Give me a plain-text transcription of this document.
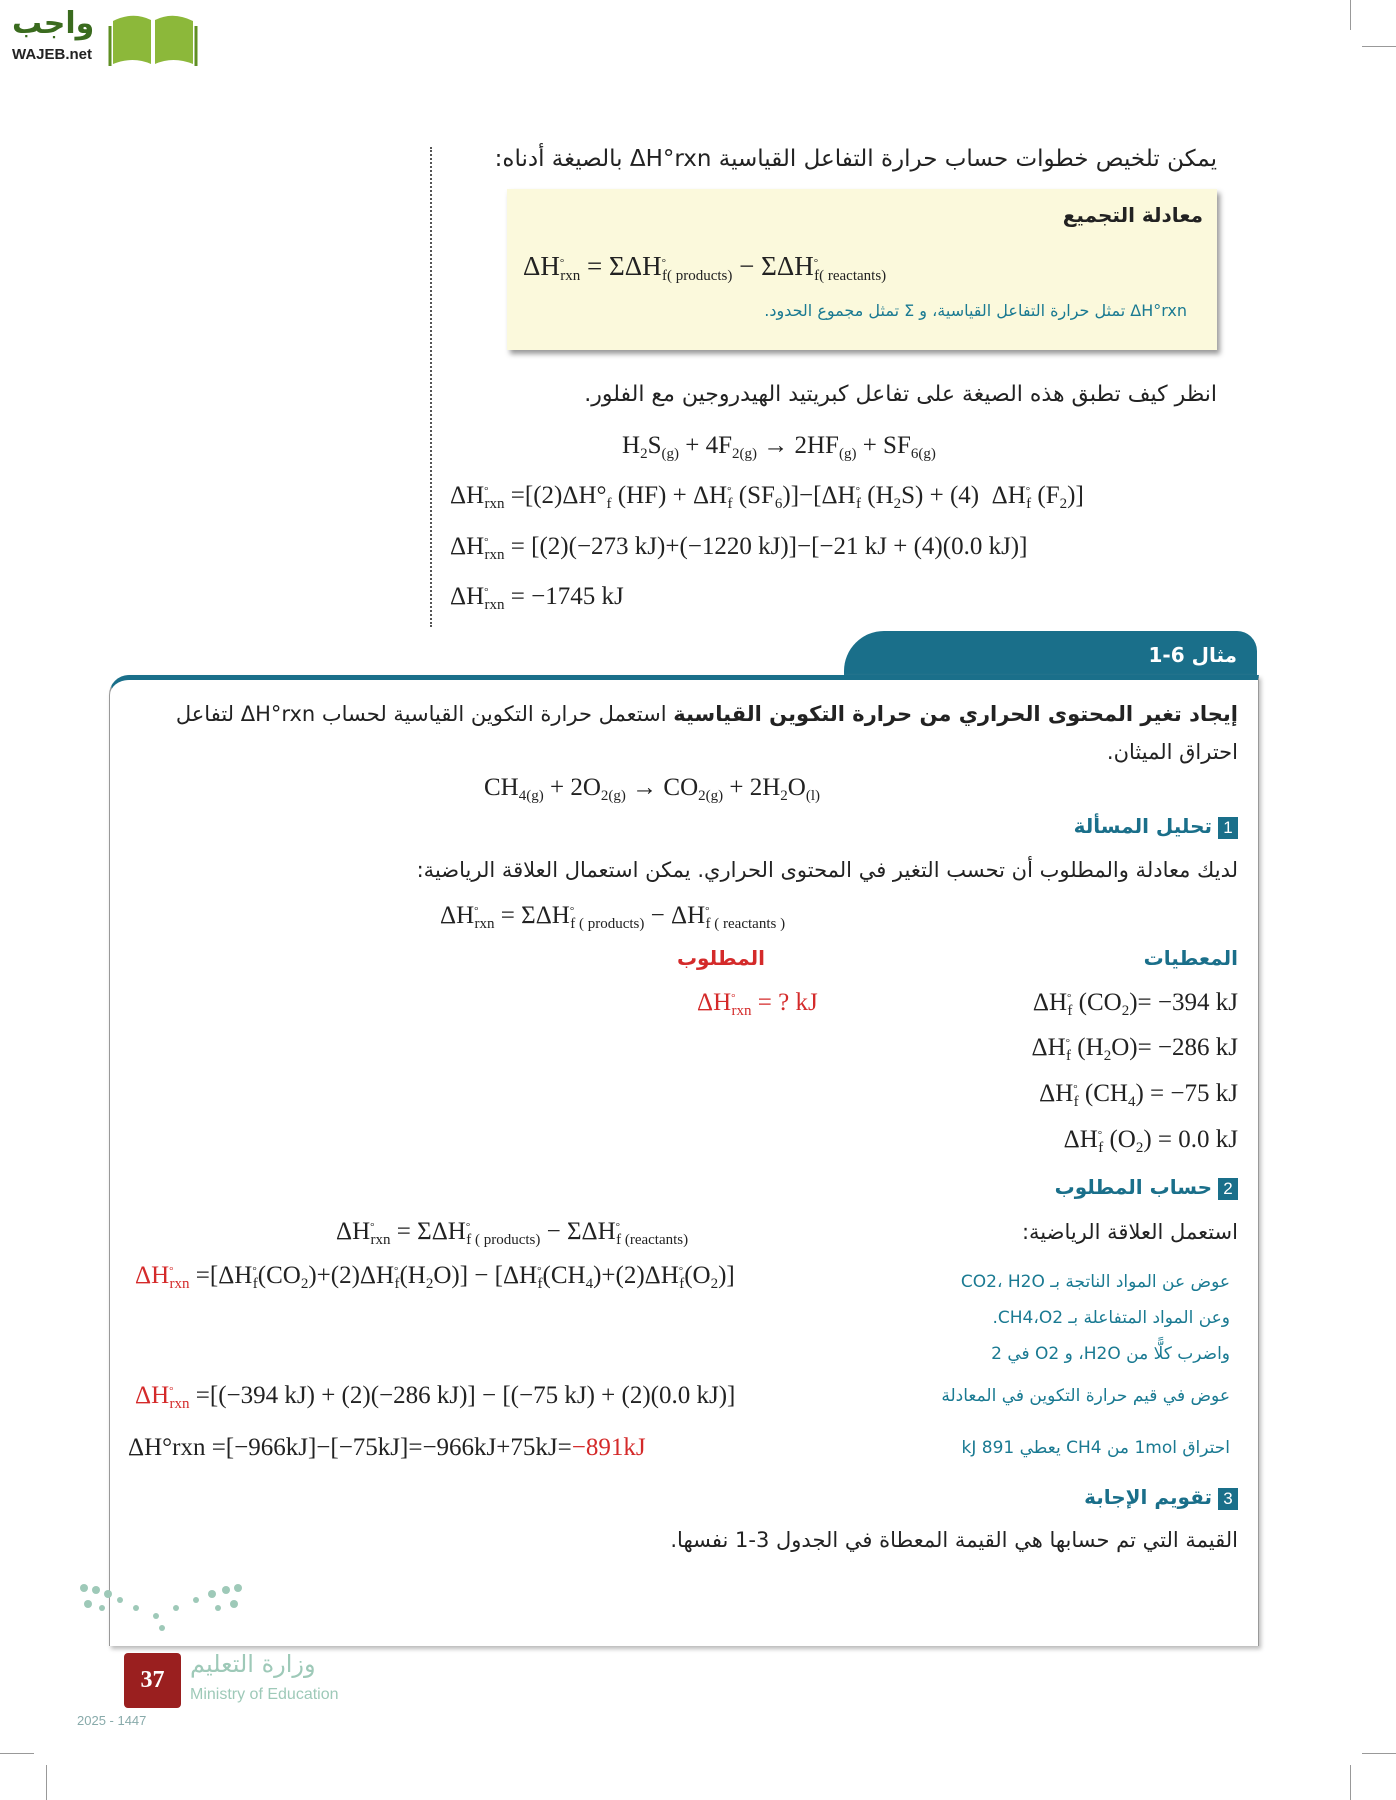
واجب
WAJEB.net
يمكن تلخيص خطوات حساب حرارة التفاعل القياسية ΔH°rxn بالصيغة أدناه:
معادلة التجميع
$\Delta H^\circ_{rxn} = \Sigma\Delta H^\circ_{f( products)} - \Sigma\Delta H^\circ_{f( reactants)}$
ΔH°rxn تمثل حرارة التفاعل القياسية، و Σ تمثل مجموع الحدود.
انظر كيف تطبق هذه الصيغة على تفاعل كبريتيد الهيدروجين مع الفلور.
$H_2S_{(g)} + 4F_{2(g)} \to 2HF_{(g)} + SF_{6(g)}$
$\Delta H^\circ_{rxn} =[(2)\Delta H^\circ_f$ $(HF) + \Delta H^\circ_f$ $(SF_6)]-[\Delta H^\circ_f$ $(H_2S) + (4)$  $\Delta H^\circ_f$ $(F_2)$]
$\Delta H^\circ_{rxn} = [(2)(-273$ kJ)+(−1220 kJ)]−[−21 kJ + (4)(0.0 kJ)]
$\Delta H^\circ_{rxn} = -1745$ kJ
مثال 6-1
إيجاد تغير المحتوى الحراري من حرارة التكوين القياسية استعمل حرارة التكوين القياسية لحساب ΔH°rxn لتفاعل احتراق الميثان.
$CH_{4(g)} + 2O_{2(g)} \to CO_{2(g)} + 2H_2O_{(l)}$
1تحليل المسألة
لديك معادلة والمطلوب أن تحسب التغير في المحتوى الحراري. يمكن استعمال العلاقة الرياضية:
$\Delta H^\circ_{rxn} = \Sigma\Delta H^\circ_{f ( products)} - \Delta H^\circ_{f ( reactants )}$
المعطيات
المطلوب
$\Delta H^\circ_{rxn}$ = ? kJ	$\Delta H^\circ_f$ $(CO_2)= -394$ kJ
$\Delta H^\circ_f$ $(H_2O)= -286$ kJ
$\Delta H^\circ_f$ $(CH_4) = -75$ kJ
$\Delta H^\circ_f$ $(O_2) = 0.0$ kJ
2حساب المطلوب
استعمل العلاقة الرياضية:
$\Delta H^\circ_{rxn} = \Sigma\Delta H^\circ_{f ( products)} - \Sigma\Delta H^\circ_{f (reactants)}$
عوض عن المواد الناتجة بـ CO2، H2O وعن المواد المتفاعلة بـ CH4،O2. واضرب كلًّا من H2O، و O2 في 2
$\Delta H^\circ_{rxn} =[\Delta H^\circ_f(CO_2)+(2)\Delta H^\circ_f(H_2O)] - [\Delta H^\circ_f(CH_4)+(2)\Delta H^\circ_f(O_2)]$
عوض في قيم حرارة التكوين في المعادلة
$\Delta H^\circ_{rxn} =[(-394$ kJ) + (2)(−286 kJ)] − [(−75 kJ) + (2)(0.0 kJ)]
احتراق 1mol من CH4 يعطي 891 kJ
ΔH°rxn =[−966kJ]−[−75kJ]=−966kJ+75kJ=−891kJ
3تقويم الإجابة
القيمة التي تم حسابها هي القيمة المعطاة في الجدول 3-1 نفسها.
37
وزارة التعليم
Ministry of Education
2025 - 1447
